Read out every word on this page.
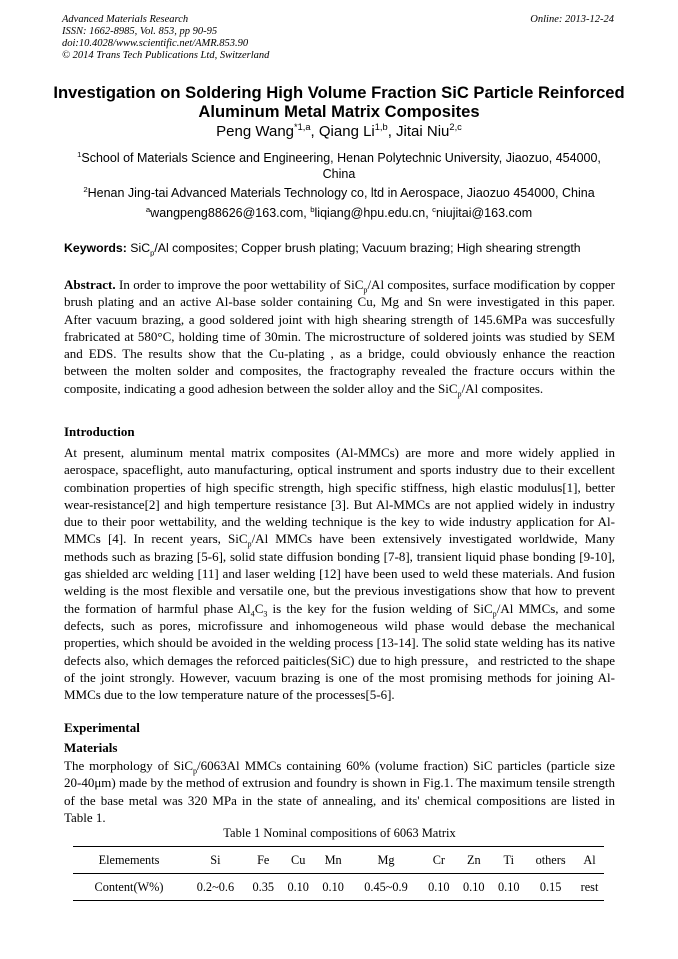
Advanced Materials Research
ISSN: 1662-8985, Vol. 853, pp 90-95
doi:10.4028/www.scientific.net/AMR.853.90
© 2014 Trans Tech Publications Ltd, Switzerland
Online: 2013-12-24
Investigation on Soldering High Volume Fraction SiC Particle Reinforced
Aluminum Metal Matrix Composites
Peng Wang$^{*1,a}$, Qiang Li$^{1,b}$, Jitai Niu$^{2,c}$
$^1$School of Materials Science and Engineering, Henan Polytechnic University, Jiaozuo, 454000, China
$^2$Henan Jing-tai Advanced Materials Technology co, ltd in Aerospace, Jiaozuo 454000, China
$^a$wangpeng88626@163.com, $^b$liqiang@hpu.edu.cn, $^c$niujitai@163.com
Keywords: SiC$_p$/Al composites; Copper brush plating; Vacuum brazing; High shearing strength
Abstract. In order to improve the poor wettability of SiC$_p$/Al composites, surface modification by copper brush plating and an active Al-base solder containing Cu, Mg and Sn were investigated in this paper. After vacuum brazing, a good soldered joint with high shearing strength of 145.6MPa was succesfully frabricated at 580°C, holding time of 30min. The microstructure of soldered joints was studied by SEM and EDS. The results show that the Cu-plating , as a bridge, could obviously enhance the reaction between the molten solder and composites, the fractography revealed the fracture occurs within the composite, indicating a good adhesion between the solder alloy and the SiC$_p$/Al composites.
Introduction
At present, aluminum mental matrix composites (Al-MMCs) are more and more widely applied in aerospace, spaceflight, auto manufacturing, optical instrument and sports industry due to their excellent combination properties of high specific strength, high specific stiffness, high elastic modulus[1], better wear-resistance[2] and high temperture resistance [3]. But Al-MMCs are not applied widely in industry due to their poor wettability, and the welding technique is the key to wide industry application for Al-MMCs [4]. In recent years, SiC$_p$/Al MMCs have been extensively investigated worldwide, Many methods such as brazing [5-6], solid state diffusion bonding [7-8], transient liquid phase bonding [9-10], gas shielded arc welding [11] and laser welding [12] have been used to weld these materials. And fusion welding is the most flexible and versatile one, but the previous investigations show that how to prevent the formation of harmful phase $Al_4C_3$ is the key for the fusion welding of SiC$_p$/Al MMCs, and some defects, such as pores, microfissure and inhomogeneous wild phase would debase the mechanical properties, which should be avoided in the welding process [13-14]. The solid state welding has its native defects also, which demages the reforced paiticles(SiC) due to high pressure，and restricted to the shape of the joint strongly. However, vacuum brazing is one of the most promising methods for joining Al-MMCs due to the low temperature nature of the processes[5-6].
Experimental
Materials
The morphology of SiC$_p$/6063Al MMCs containing 60% (volume fraction) SiC particles (particle size 20-40μm) made by the method of extrusion and foundry is shown in Fig.1. The maximum tensile strength of the base metal was 320 MPa in the state of annealing, and its' chemical compositions are listed in Table 1.
Table 1 Nominal compositions of 6063 Matrix
Elemements	Si	Fe	Cu	Mn	Mg	Cr	Zn	Ti	others	Al
Content(W%)	0.2~0.6	0.35	0.10	0.10	0.45~0.9	0.10	0.10	0.10	0.15	rest
